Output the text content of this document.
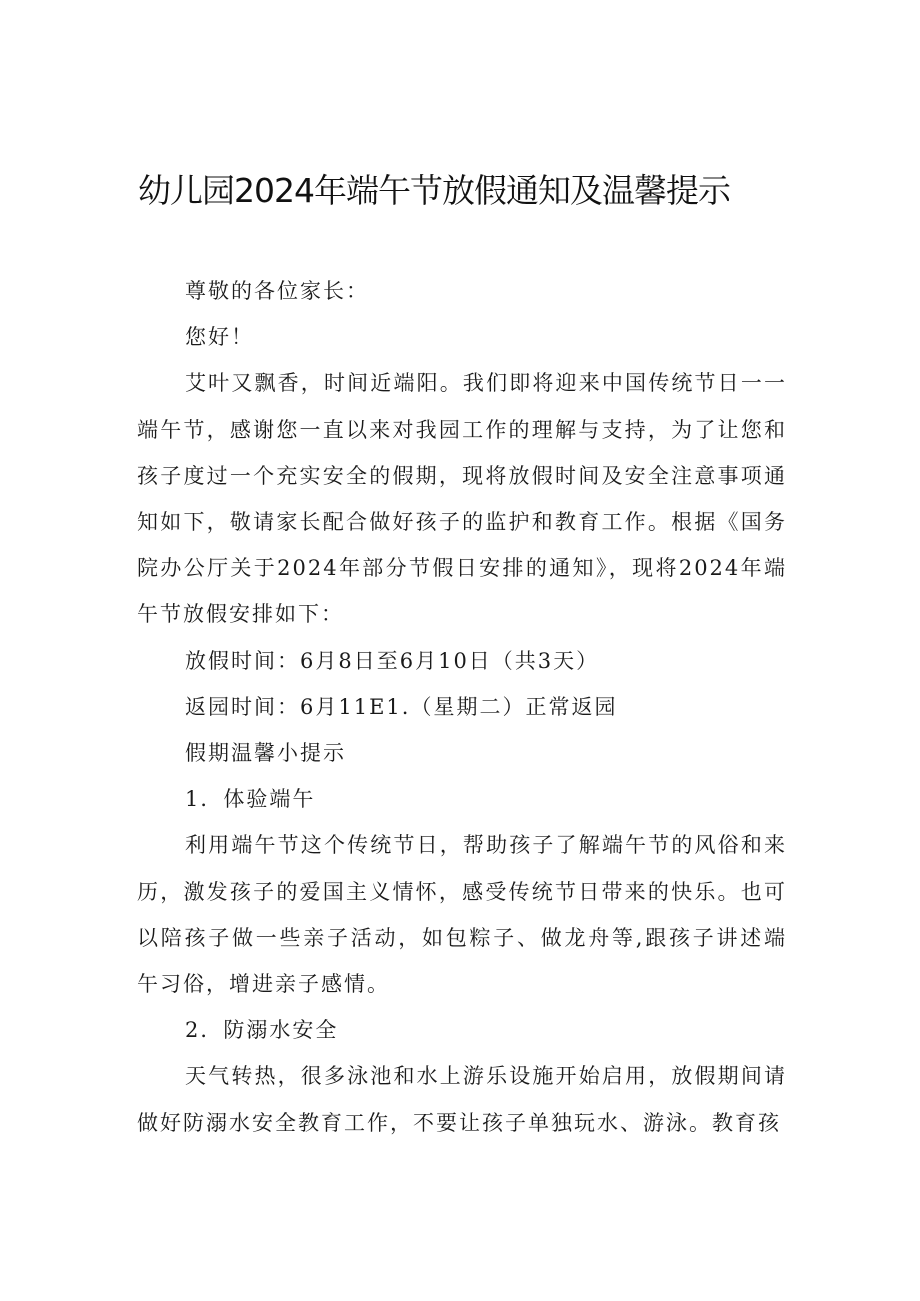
幼儿园2024年端午节放假通知及温馨提示

尊敬的各位家长：

您好！

艾叶又飘香，时间近端阳。我们即将迎来中国传统节日一一端午节，感谢您一直以来对我园工作的理解与支持，为了让您和孩子度过一个充实安全的假期，现将放假时间及安全注意事项通知如下，敬请家长配合做好孩子的监护和教育工作。根据《国务院办公厅关于2024年部分节假日安排的通知》，现将2024年端午节放假安排如下：

放假时间：6月8日至6月10日（共3天）

返园时间：6月11E1.（星期二）正常返园

假期温馨小提示

1．体验端午

利用端午节这个传统节日，帮助孩子了解端午节的风俗和来历，激发孩子的爱国主义情怀，感受传统节日带来的快乐。也可以陪孩子做一些亲子活动，如包粽子、做龙舟等,跟孩子讲述端午习俗，增进亲子感情。

2．防溺水安全

天气转热，很多泳池和水上游乐设施开始启用，放假期间请做好防溺水安全教育工作，不要让孩子单独玩水、游泳。教育孩
